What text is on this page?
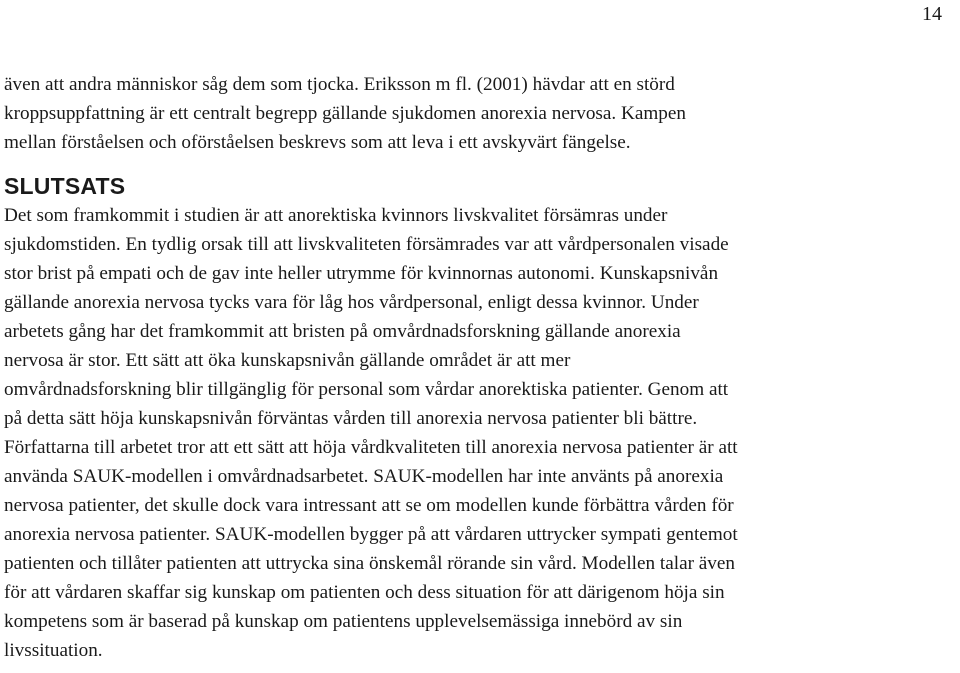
14

även att andra människor såg dem som tjocka. Eriksson m fl. (2001) hävdar att en störd
kroppsuppfattning är ett centralt begrepp gällande sjukdomen anorexia nervosa. Kampen
mellan förståelsen och oförståelsen beskrevs som att leva i ett avskyvärt fängelse.

SLUTSATS

Det som framkommit i studien är att anorektiska kvinnors livskvalitet försämras under
sjukdomstiden. En tydlig orsak till att livskvaliteten försämrades var att vårdpersonalen visade
stor brist på empati och de gav inte heller utrymme för kvinnornas autonomi. Kunskapsnivån
gällande anorexia nervosa tycks vara för låg hos vårdpersonal, enligt dessa kvinnor. Under
arbetets gång har det framkommit att bristen på omvårdnadsforskning gällande anorexia
nervosa är stor. Ett sätt att öka kunskapsnivån gällande området är att mer
omvårdnadsforskning blir tillgänglig för personal som vårdar anorektiska patienter. Genom att
på detta sätt höja kunskapsnivån förväntas vården till anorexia nervosa patienter bli bättre.
Författarna till arbetet tror att ett sätt att höja vårdkvaliteten till anorexia nervosa patienter är att
använda SAUK-modellen i omvårdnadsarbetet. SAUK-modellen har inte använts på anorexia
nervosa patienter, det skulle dock vara intressant att se om modellen kunde förbättra vården för
anorexia nervosa patienter. SAUK-modellen bygger på att vårdaren uttrycker sympati gentemot
patienten och tillåter patienten att uttrycka sina önskemål rörande sin vård. Modellen talar även
för att vårdaren skaffar sig kunskap om patienten och dess situation för att därigenom höja sin
kompetens som är baserad på kunskap om patientens upplevelsemässiga innebörd av sin
livssituation.
